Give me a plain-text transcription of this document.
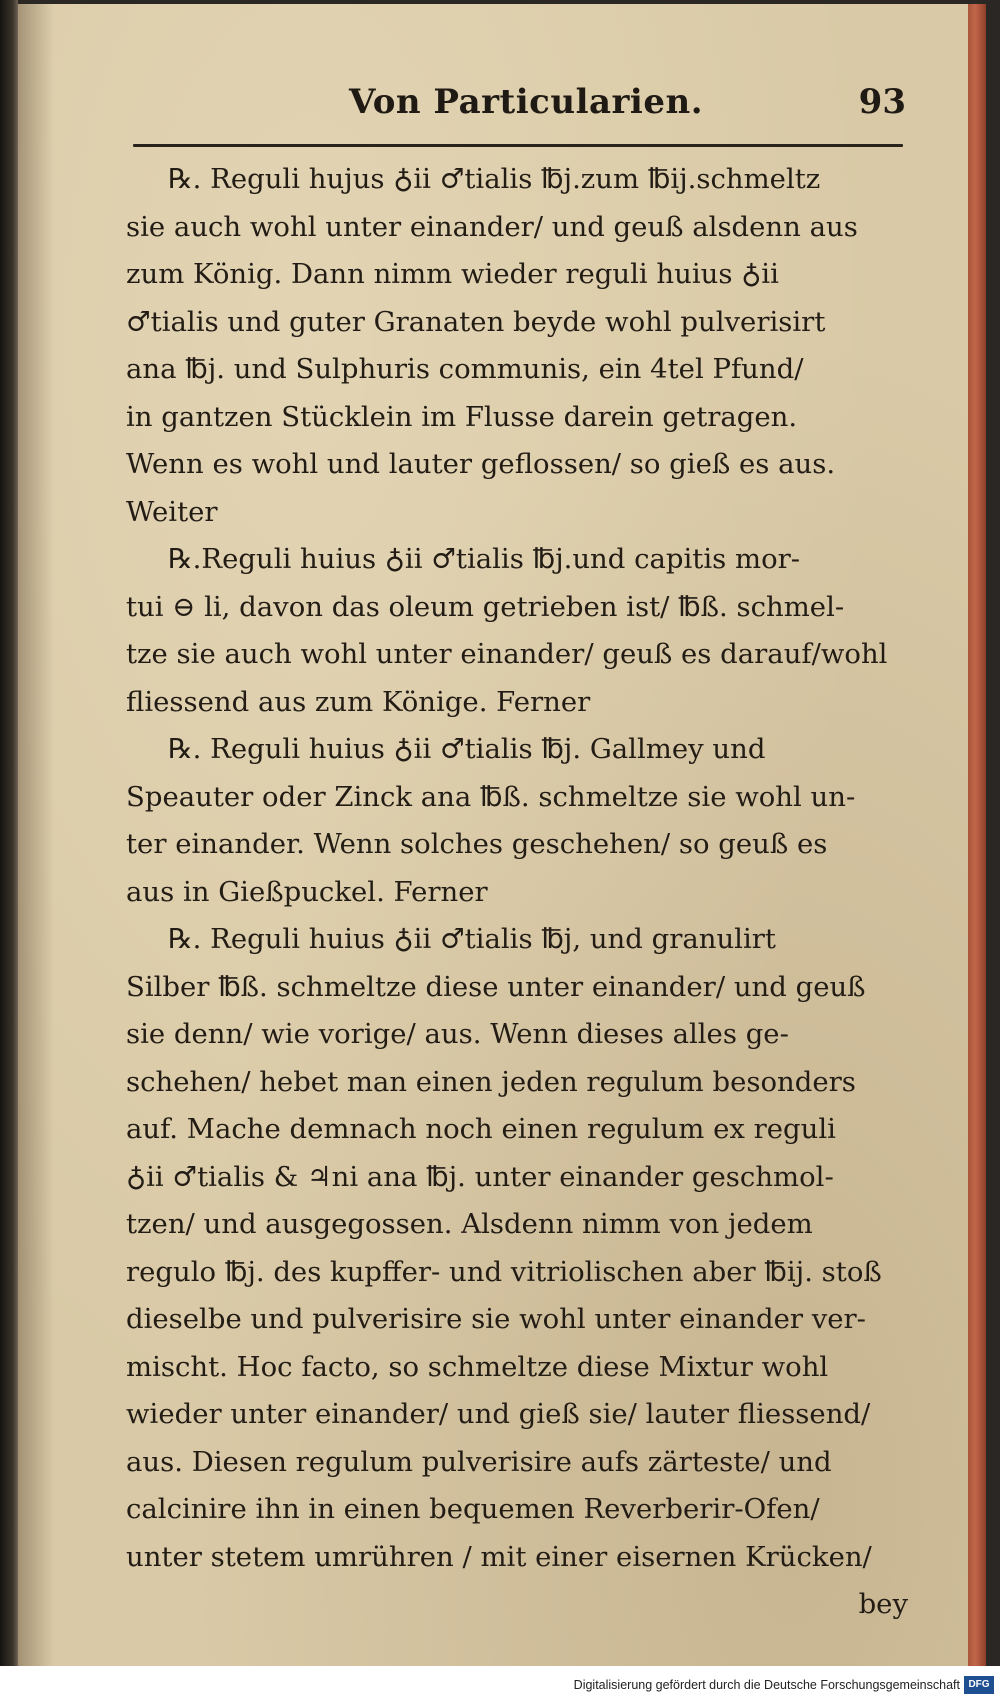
Von Particularien.	93
℞. Reguli hujus ♁ii ♂tialis ℔j.zum ℔ij.schmeltz
sie auch wohl unter einander/ und geuß alsdenn aus
zum König. Dann nimm wieder reguli huius ♁ii
♂tialis und guter Granaten beyde wohl pulverisirt
ana ℔j. und Sulphuris communis, ein 4tel Pfund/
in gantzen Stücklein im Flusse darein getragen.
Wenn es wohl und lauter geflossen/ so gieß es aus.
Weiter
℞.Reguli huius ♁ii ♂tialis ℔j.und capitis mor-
tui ⊖ li, davon das oleum getrieben ist/ ℔ß. schmel-
tze sie auch wohl unter einander/ geuß es darauf/wohl
fliessend aus zum Könige. Ferner
℞. Reguli huius ♁ii ♂tialis ℔j. Gallmey und
Speauter oder Zinck ana ℔ß. schmeltze sie wohl un-
ter einander. Wenn solches geschehen/ so geuß es
aus in Gießpuckel. Ferner
℞. Reguli huius ♁ii ♂tialis ℔j, und granulirt
Silber ℔ß. schmeltze diese unter einander/ und geuß
sie denn/ wie vorige/ aus. Wenn dieses alles ge-
schehen/ hebet man einen jeden regulum besonders
auf. Mache demnach noch einen regulum ex reguli
♁ii ♂tialis & ♃ni ana ℔j. unter einander geschmol-
tzen/ und ausgegossen. Alsdenn nimm von jedem
regulo ℔j. des kupffer- und vitriolischen aber ℔ij. stoß
dieselbe und pulverisire sie wohl unter einander ver-
mischt. Hoc facto, so schmeltze diese Mixtur wohl
wieder unter einander/ und gieß sie/ lauter fliessend/
aus. Diesen regulum pulverisire aufs zärteste/ und
calcinire ihn in einen bequemen Reverberir-Ofen/
unter stetem umrühren / mit einer eisernen Krücken/
bey
Digitalisierung gefördert durch die Deutsche Forschungsgemeinschaft DFG
